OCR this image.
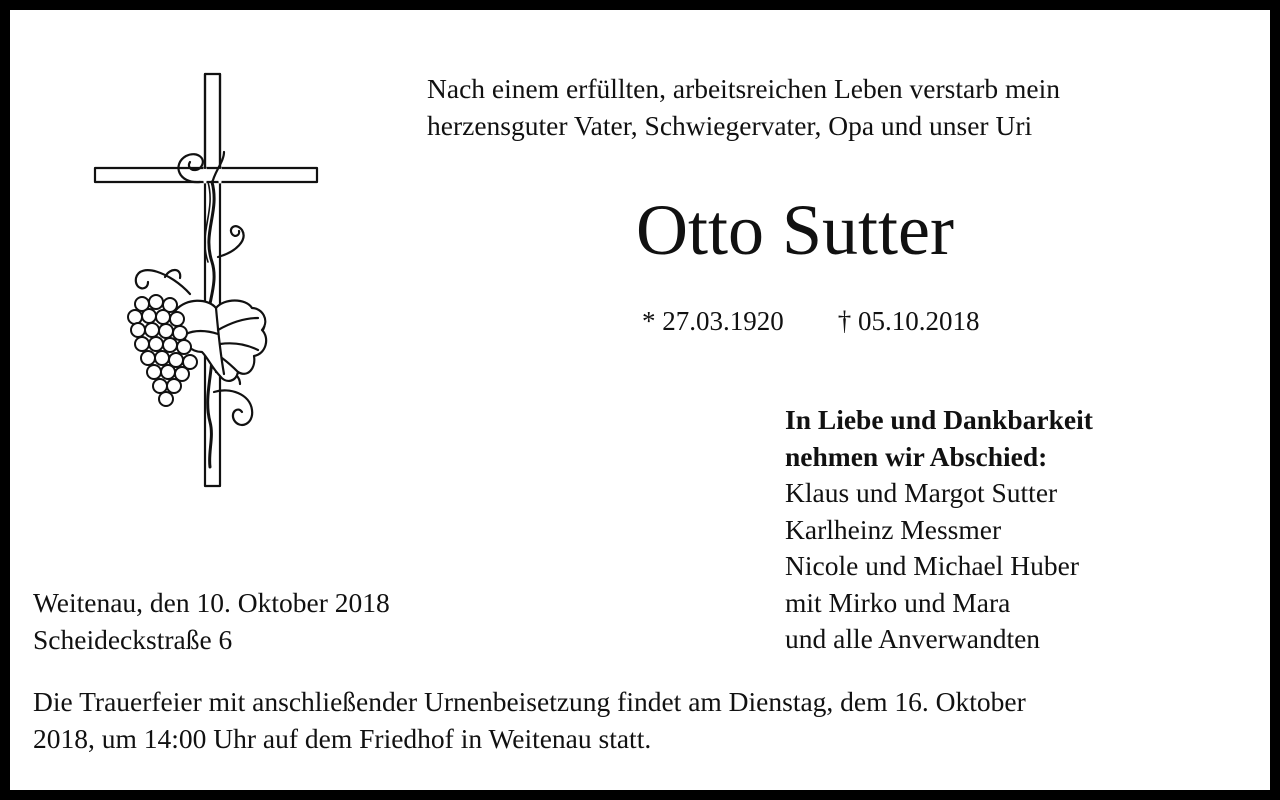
Nach einem erfüllten, arbeitsreichen Leben verstarb mein
herzensguter Vater, Schwiegervater, Opa und unser Uri
Otto Sutter
* 27.03.1920 † 05.10.2018
In Liebe und Dankbarkeit
nehmen wir Abschied:
Klaus und Margot Sutter
Karlheinz Messmer
Nicole und Michael Huber
mit Mirko und Mara
und alle Anverwandten
Weitenau, den 10. Oktober 2018
Scheideckstraße 6
Die Trauerfeier mit anschließender Urnenbeisetzung findet am Dienstag, dem 16. Oktober
2018, um 14:00 Uhr auf dem Friedhof in Weitenau statt.
